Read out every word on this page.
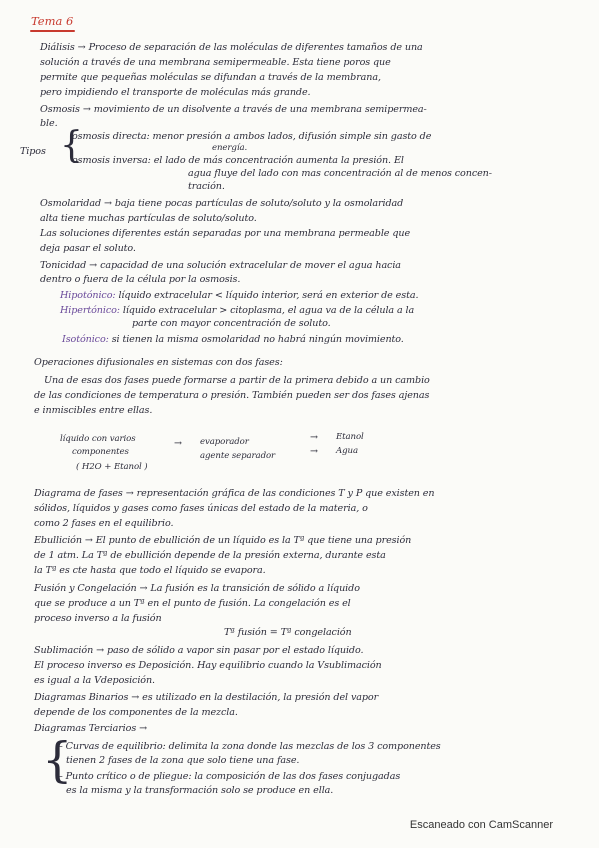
Tema 6
Diálisis → Proceso de separación de las moléculas de diferentes tamaños de una
solución a través de una membrana semipermeable. Esta tiene poros que
permite que pequeñas moléculas se difundan a través de la membrana,
pero impidiendo el transporte de moléculas más grande.
Osmosis → movimiento de un disolvente a través de una membrana semipermea-
ble.
Tipos {
osmosis directa: menor presión a ambos lados, difusión simple sin gasto de
energía.
osmosis inversa: el lado de más concentración aumenta la presión. El
agua fluye del lado con mas concentración al de menos concen-
tración.
Osmolaridad → baja tiene pocas partículas de soluto/soluto y la osmolaridad
alta tiene muchas partículas de soluto/soluto.
Las soluciones diferentes están separadas por una membrana permeable que
deja pasar el soluto.
Tonicidad → capacidad de una solución extracelular de mover el agua hacia
dentro o fuera de la célula por la osmosis.
Hipotónico: líquido extracelular < líquido interior, será en exterior de esta.
Hipertónico: líquido extracelular > citoplasma, el agua va de la célula a la
parte con mayor concentración de soluto.
Isotónico: si tienen la misma osmolaridad no habrá ningún movimiento.
Operaciones difusionales en sistemas con dos fases:
Una de esas dos fases puede formarse a partir de la primera debido a un cambio
de las condiciones de temperatura o presión. También pueden ser dos fases ajenas
e inmiscibles entre ellas.
líquido con varios
componentes
( H2O + Etanol )
→ evaporador
agente separador
→ Etanol
→ Agua
Diagrama de fases → representación gráfica de las condiciones T y P que existen en
sólidos, líquidos y gases como fases únicas del estado de la materia, o
como 2 fases en el equilibrio.
Ebullición → El punto de ebullición de un líquido es la Tª que tiene una presión
de 1 atm. La Tª de ebullición depende de la presión externa, durante esta
la Tª es cte hasta que todo el líquido se evapora.
Fusión y Congelación → La fusión es la transición de sólido a líquido
que se produce a un Tª en el punto de fusión. La congelación es el
proceso inverso a la fusión
Tª fusión = Tª congelación
Sublimación → paso de sólido a vapor sin pasar por el estado líquido.
El proceso inverso es Deposición. Hay equilibrio cuando la Vsublimación
es igual a la Vdeposición.
Diagramas Binarios → es utilizado en la destilación, la presión del vapor
depende de los componentes de la mezcla.
Diagramas Terciarios →
{
– Curvas de equilibrio: delimita la zona donde las mezclas de los 3 componentes
tienen 2 fases de la zona que solo tiene una fase.
– Punto crítico o de pliegue: la composición de las dos fases conjugadas
es la misma y la transformación solo se produce en ella.
Escaneado con CamScanner
